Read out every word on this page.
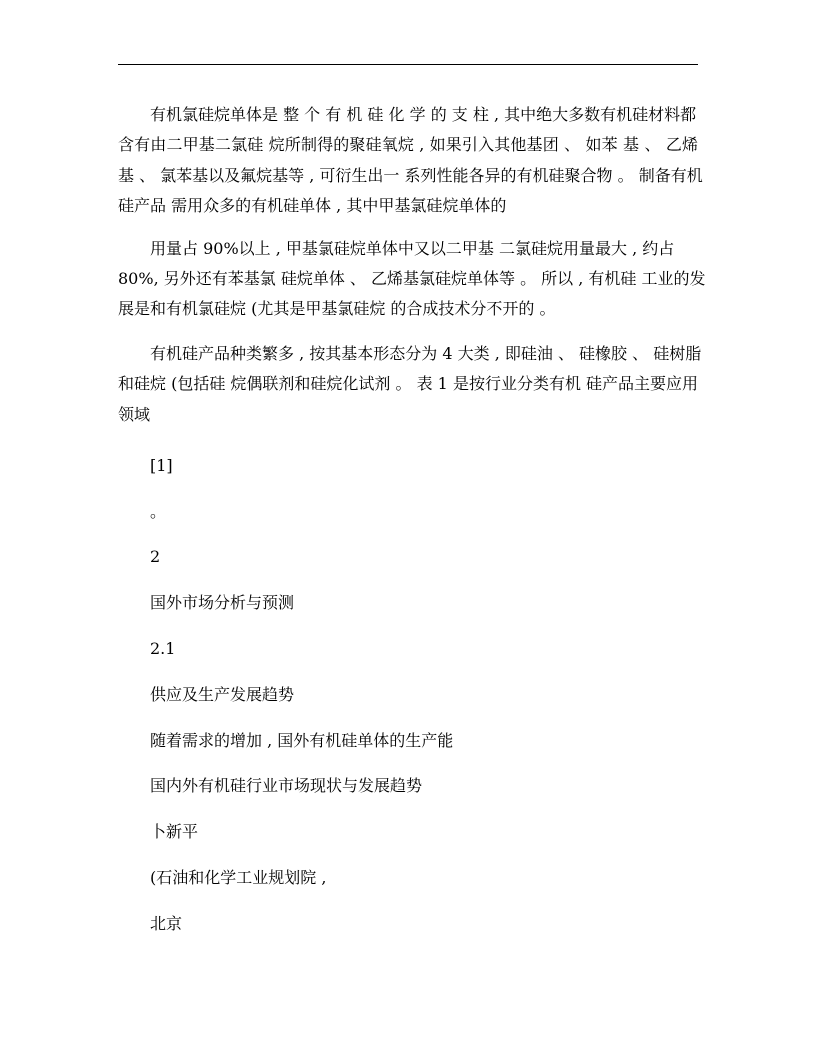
有机氯硅烷单体是 整 个 有 机 硅 化 学 的 支 柱 , 其中绝大多数有机硅材料都
含有由二甲基二氯硅 烷所制得的聚硅氧烷 , 如果引入其他基团 、 如苯 基 、 乙烯
基 、 氯苯基以及氟烷基等 , 可衍生出一 系列性能各异的有机硅聚合物 。 制备有机
硅产品 需用众多的有机硅单体 , 其中甲基氯硅烷单体的
用量占 90%以上 , 甲基氯硅烷单体中又以二甲基 二氯硅烷用量最大 , 约占
80%, 另外还有苯基氯 硅烷单体 、 乙烯基氯硅烷单体等 。 所以 , 有机硅 工业的发
展是和有机氯硅烷 (尤其是甲基氯硅烷 的合成技术分不开的 。
有机硅产品种类繁多 , 按其基本形态分为 4 大类 , 即硅油 、 硅橡胶 、 硅树脂
和硅烷 (包括硅 烷偶联剂和硅烷化试剂 。 表 1 是按行业分类有机 硅产品主要应用
领域
[1]
。
2
国外市场分析与预测
2.1
供应及生产发展趋势
随着需求的增加 , 国外有机硅单体的生产能
国内外有机硅行业市场现状与发展趋势
卜新平
(石油和化学工业规划院 ,
北京
